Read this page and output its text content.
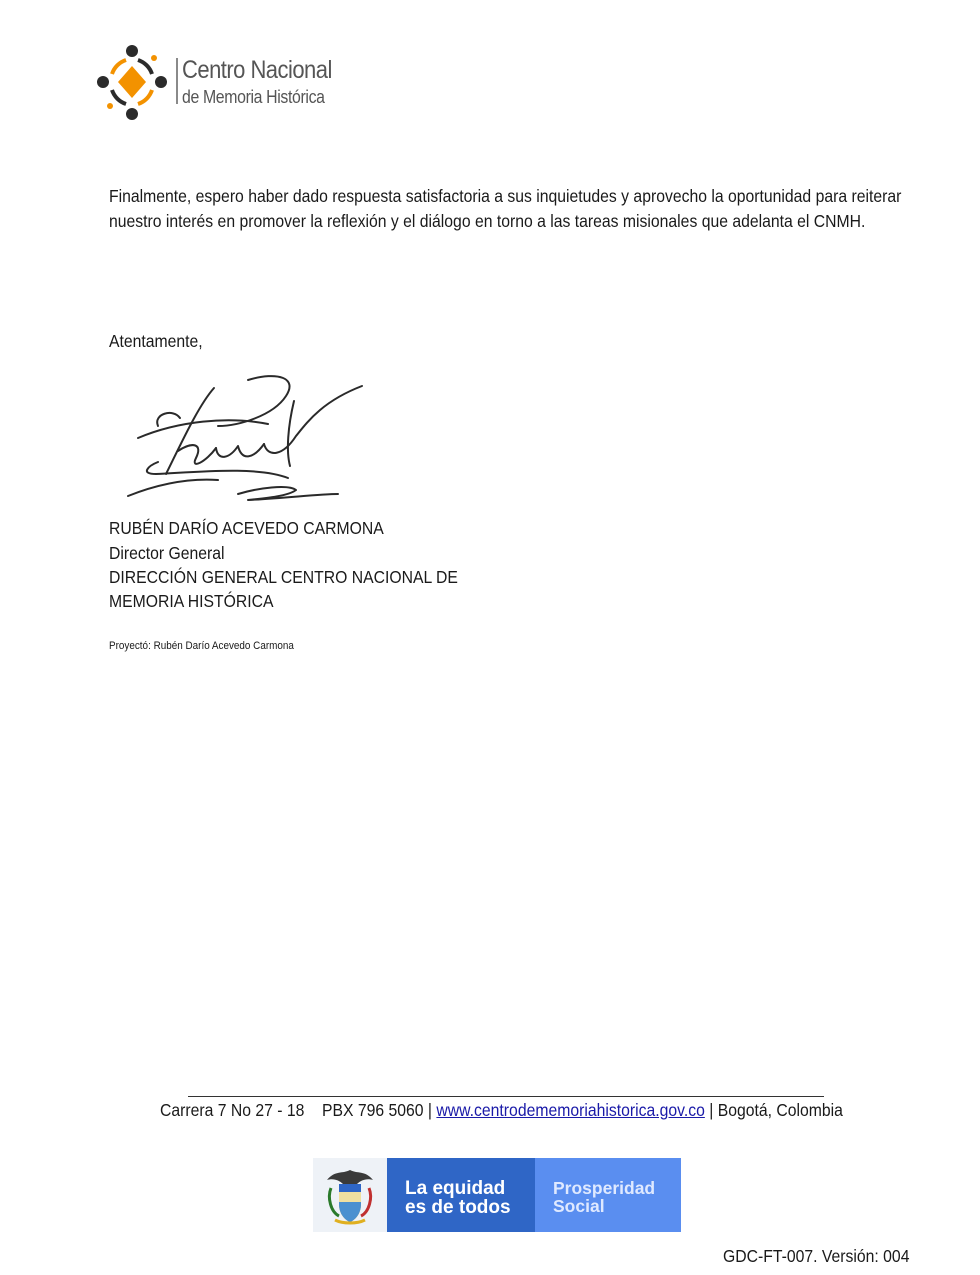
Centro Nacional
de Memoria Histórica
Finalmente, espero haber dado respuesta satisfactoria a sus inquietudes y aprovecho la oportunidad para reiterar
nuestro interés en promover la reflexión y el diálogo en torno a las tareas misionales que adelanta el CNMH.
Atentamente,
RUBÉN DARÍO ACEVEDO CARMONA
Director General
DIRECCIÓN GENERAL CENTRO NACIONAL DE
MEMORIA HISTÓRICA
Proyectó: Rubén Darío Acevedo Carmona
Carrera 7 No 27 - 18 PBX 796 5060 | www.centrodememoriahistorica.gov.co | Bogotá, Colombia
La equidad
es de todos
Prosperidad
Social
GDC-FT-007. Versión: 004
